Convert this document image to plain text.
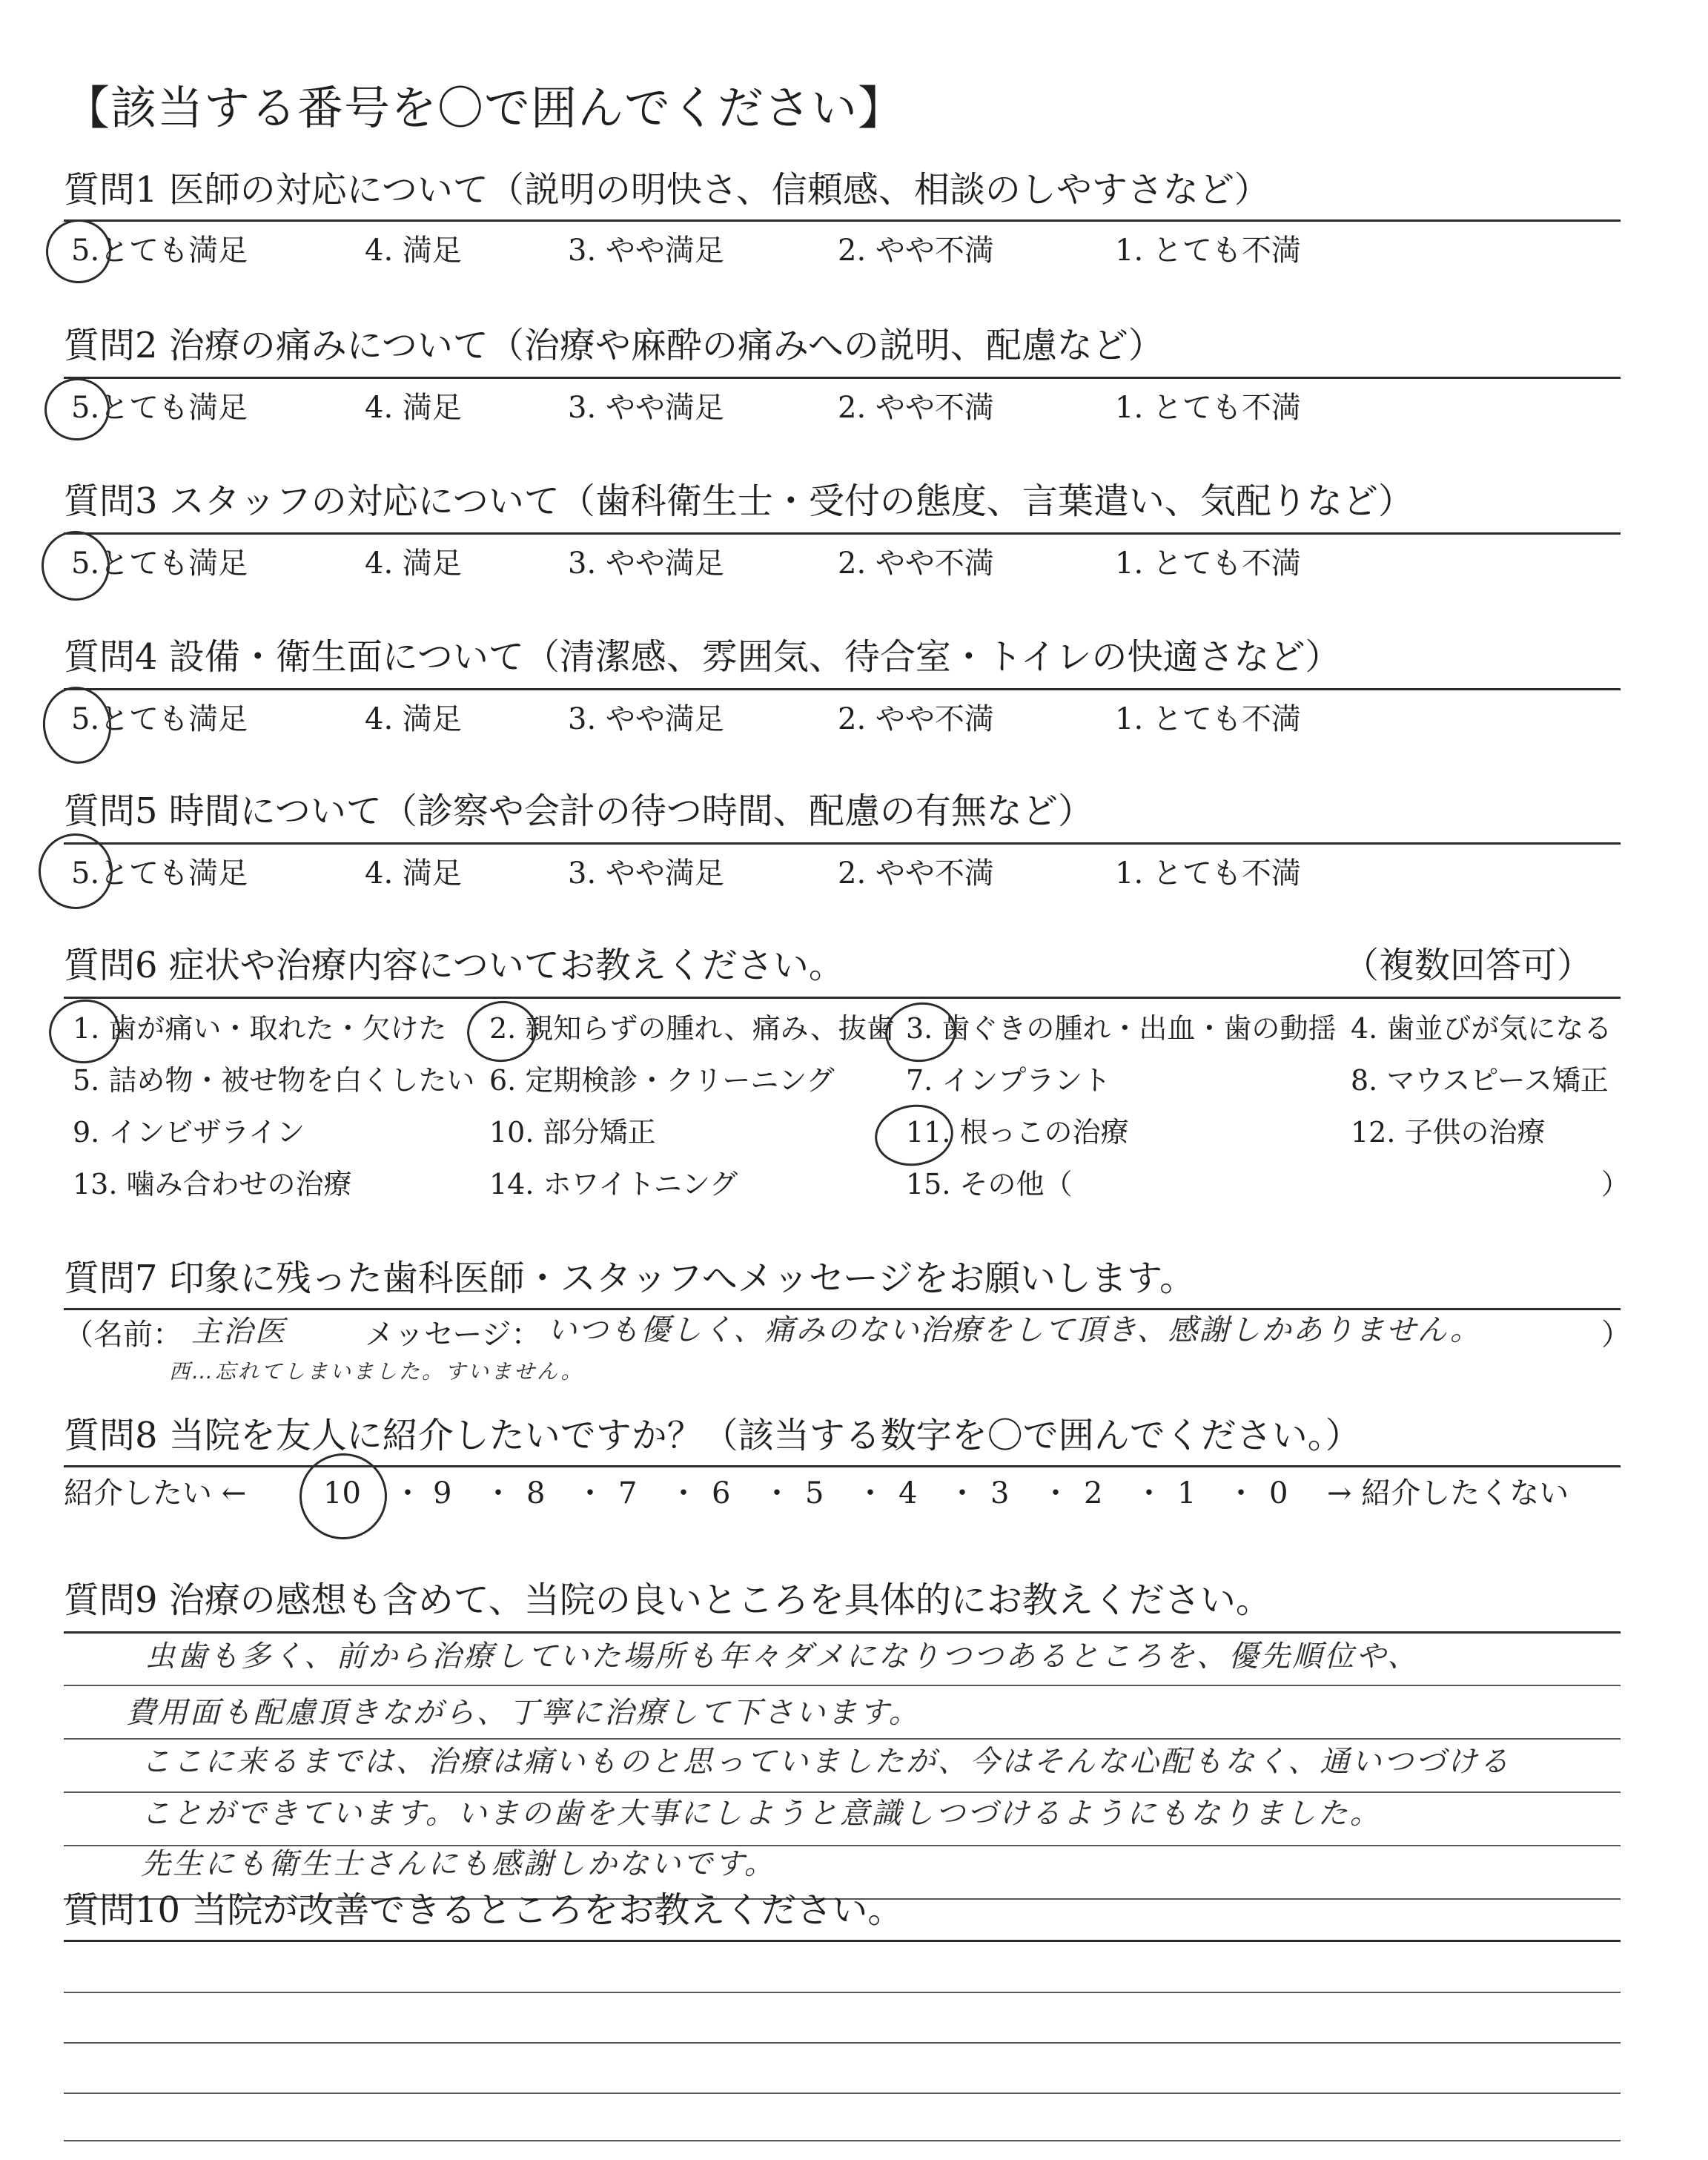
【該当する番号を〇で囲んでください】
質問1 医師の対応について（説明の明快さ、信頼感、相談のしやすさなど）
5.とても満足	4. 満足	3. やや満足	2. やや不満	1. とても不満
質問2 治療の痛みについて（治療や麻酔の痛みへの説明、配慮など）
5.とても満足	4. 満足	3. やや満足	2. やや不満	1. とても不満
質問3 スタッフの対応について（歯科衛生士・受付の態度、言葉遣い、気配りなど）
5.とても満足	4. 満足	3. やや満足	2. やや不満	1. とても不満
質問4 設備・衛生面について（清潔感、雰囲気、待合室・トイレの快適さなど）
5.とても満足	4. 満足	3. やや満足	2. やや不満	1. とても不満
質問5 時間について（診察や会計の待つ時間、配慮の有無など）
5.とても満足	4. 満足	3. やや満足	2. やや不満	1. とても不満
質問6 症状や治療内容についてお教えください。	（複数回答可）
1. 歯が痛い・取れた・欠けた 2. 親知らずの腫れ、痛み、抜歯 3. 歯ぐきの腫れ・出血・歯の動揺 4. 歯並びが気になる
5. 詰め物・被せ物を白くしたい 6. 定期検診・クリーニング	7. インプラント	8. マウスピース矯正
9. インビザライン	10. 部分矯正	11. 根っこの治療	12. 子供の治療
13. 噛み合わせの治療	14. ホワイトニング	15. その他（	）
質問7 印象に残った歯科医師・スタッフへメッセージをお願いします。
（名前： 主治医	メッセージ： いつも優しく、痛みのない治療をして頂き、感謝しかありません。	）
西…忘れてしまいました。すいません。
質問8 当院を友人に紹介したいですか？（該当する数字を〇で囲んでください。）
紹介したい ←	10 ・ 9 ・ 8 ・ 7 ・ 6 ・ 5 ・ 4 ・ 3 ・ 2 ・ 1 ・ 0 → 紹介したくない
質問9 治療の感想も含めて、当院の良いところを具体的にお教えください。
虫歯も多く、前から治療していた場所も年々ダメになりつつあるところを、優先順位や、
費用面も配慮頂きながら、丁寧に治療して下さいます。
ここに来るまでは、治療は痛いものと思っていましたが、今はそんな心配もなく、通いつづける
ことができています。いまの歯を大事にしようと意識しつづけるようにもなりました。
先生にも衛生士さんにも感謝しかないです。
質問10 当院が改善できるところをお教えください。
